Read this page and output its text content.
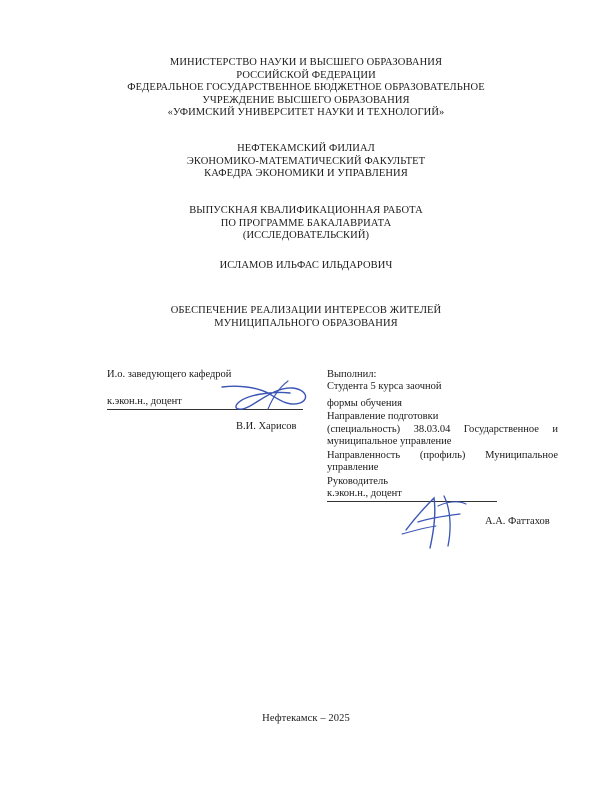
МИНИСТЕРСТВО НАУКИ И ВЫСШЕГО ОБРАЗОВАНИЯ
РОССИЙСКОЙ ФЕДЕРАЦИИ
ФЕДЕРАЛЬНОЕ ГОСУДАРСТВЕННОЕ БЮДЖЕТНОЕ ОБРАЗОВАТЕЛЬНОЕ
УЧРЕЖДЕНИЕ ВЫСШЕГО ОБРАЗОВАНИЯ
«УФИМСКИЙ УНИВЕРСИТЕТ НАУКИ И ТЕХНОЛОГИЙ»
НЕФТЕКАМСКИЙ ФИЛИАЛ
ЭКОНОМИКО-МАТЕМАТИЧЕСКИЙ ФАКУЛЬТЕТ
КАФЕДРА ЭКОНОМИКИ И УПРАВЛЕНИЯ
ВЫПУСКНАЯ КВАЛИФИКАЦИОННАЯ РАБОТА
ПО ПРОГРАММЕ БАКАЛАВРИАТА
(ИССЛЕДОВАТЕЛЬСКИЙ)
ИСЛАМОВ ИЛЬФАС ИЛЬДАРОВИЧ
ОБЕСПЕЧЕНИЕ РЕАЛИЗАЦИИ ИНТЕРЕСОВ ЖИТЕЛЕЙ
МУНИЦИПАЛЬНОГО ОБРАЗОВАНИЯ
И.о. заведующего кафедрой
к.экон.н., доцент
В.И. Харисов
Выполнил:
Студента 5 курса заочной
формы обучения
Направление подготовки
(специальность) 38.03.04 Государственное и
муниципальное управление
Направленность (профиль) Муниципальное
управление
Руководитель
к.экон.н., доцент
А.А. Фаттахов
Нефтекамск – 2025
